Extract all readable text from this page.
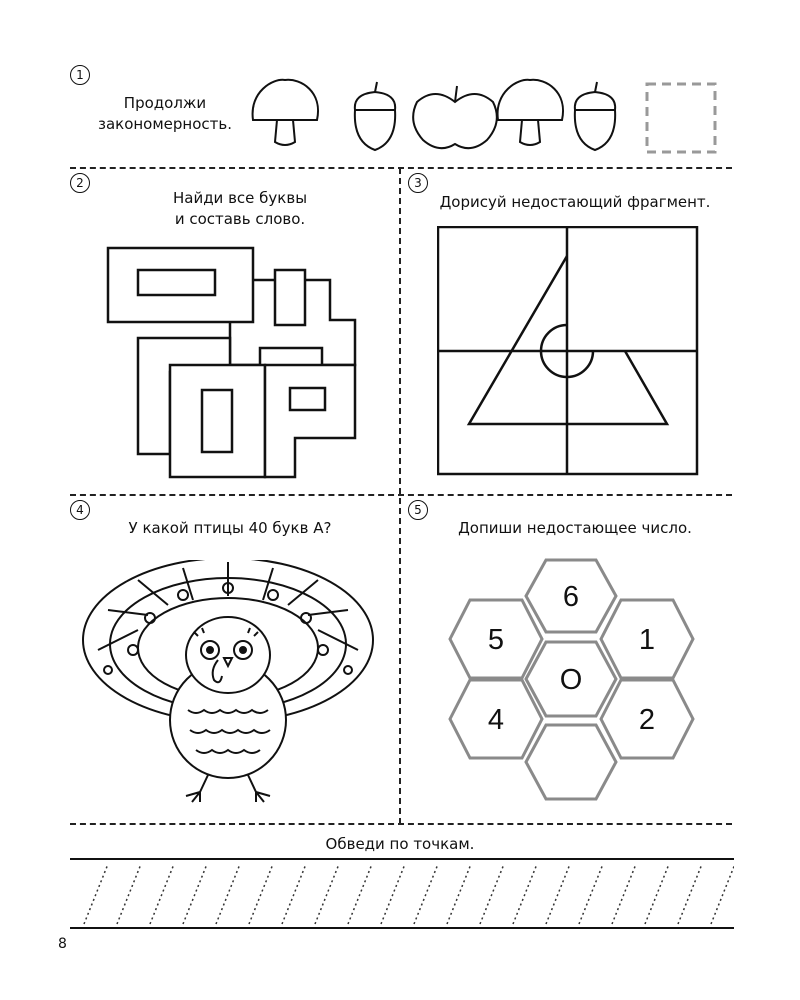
1
Продолжи
закономерность.
2
Найди все буквы
и составь слово.
3
Дорисуй недостающий фрагмент.
4
У какой птицы 40 букв А?
5
Допиши недостающее число.
6
5	1
О
4	2
Обведи по точкам.
8
